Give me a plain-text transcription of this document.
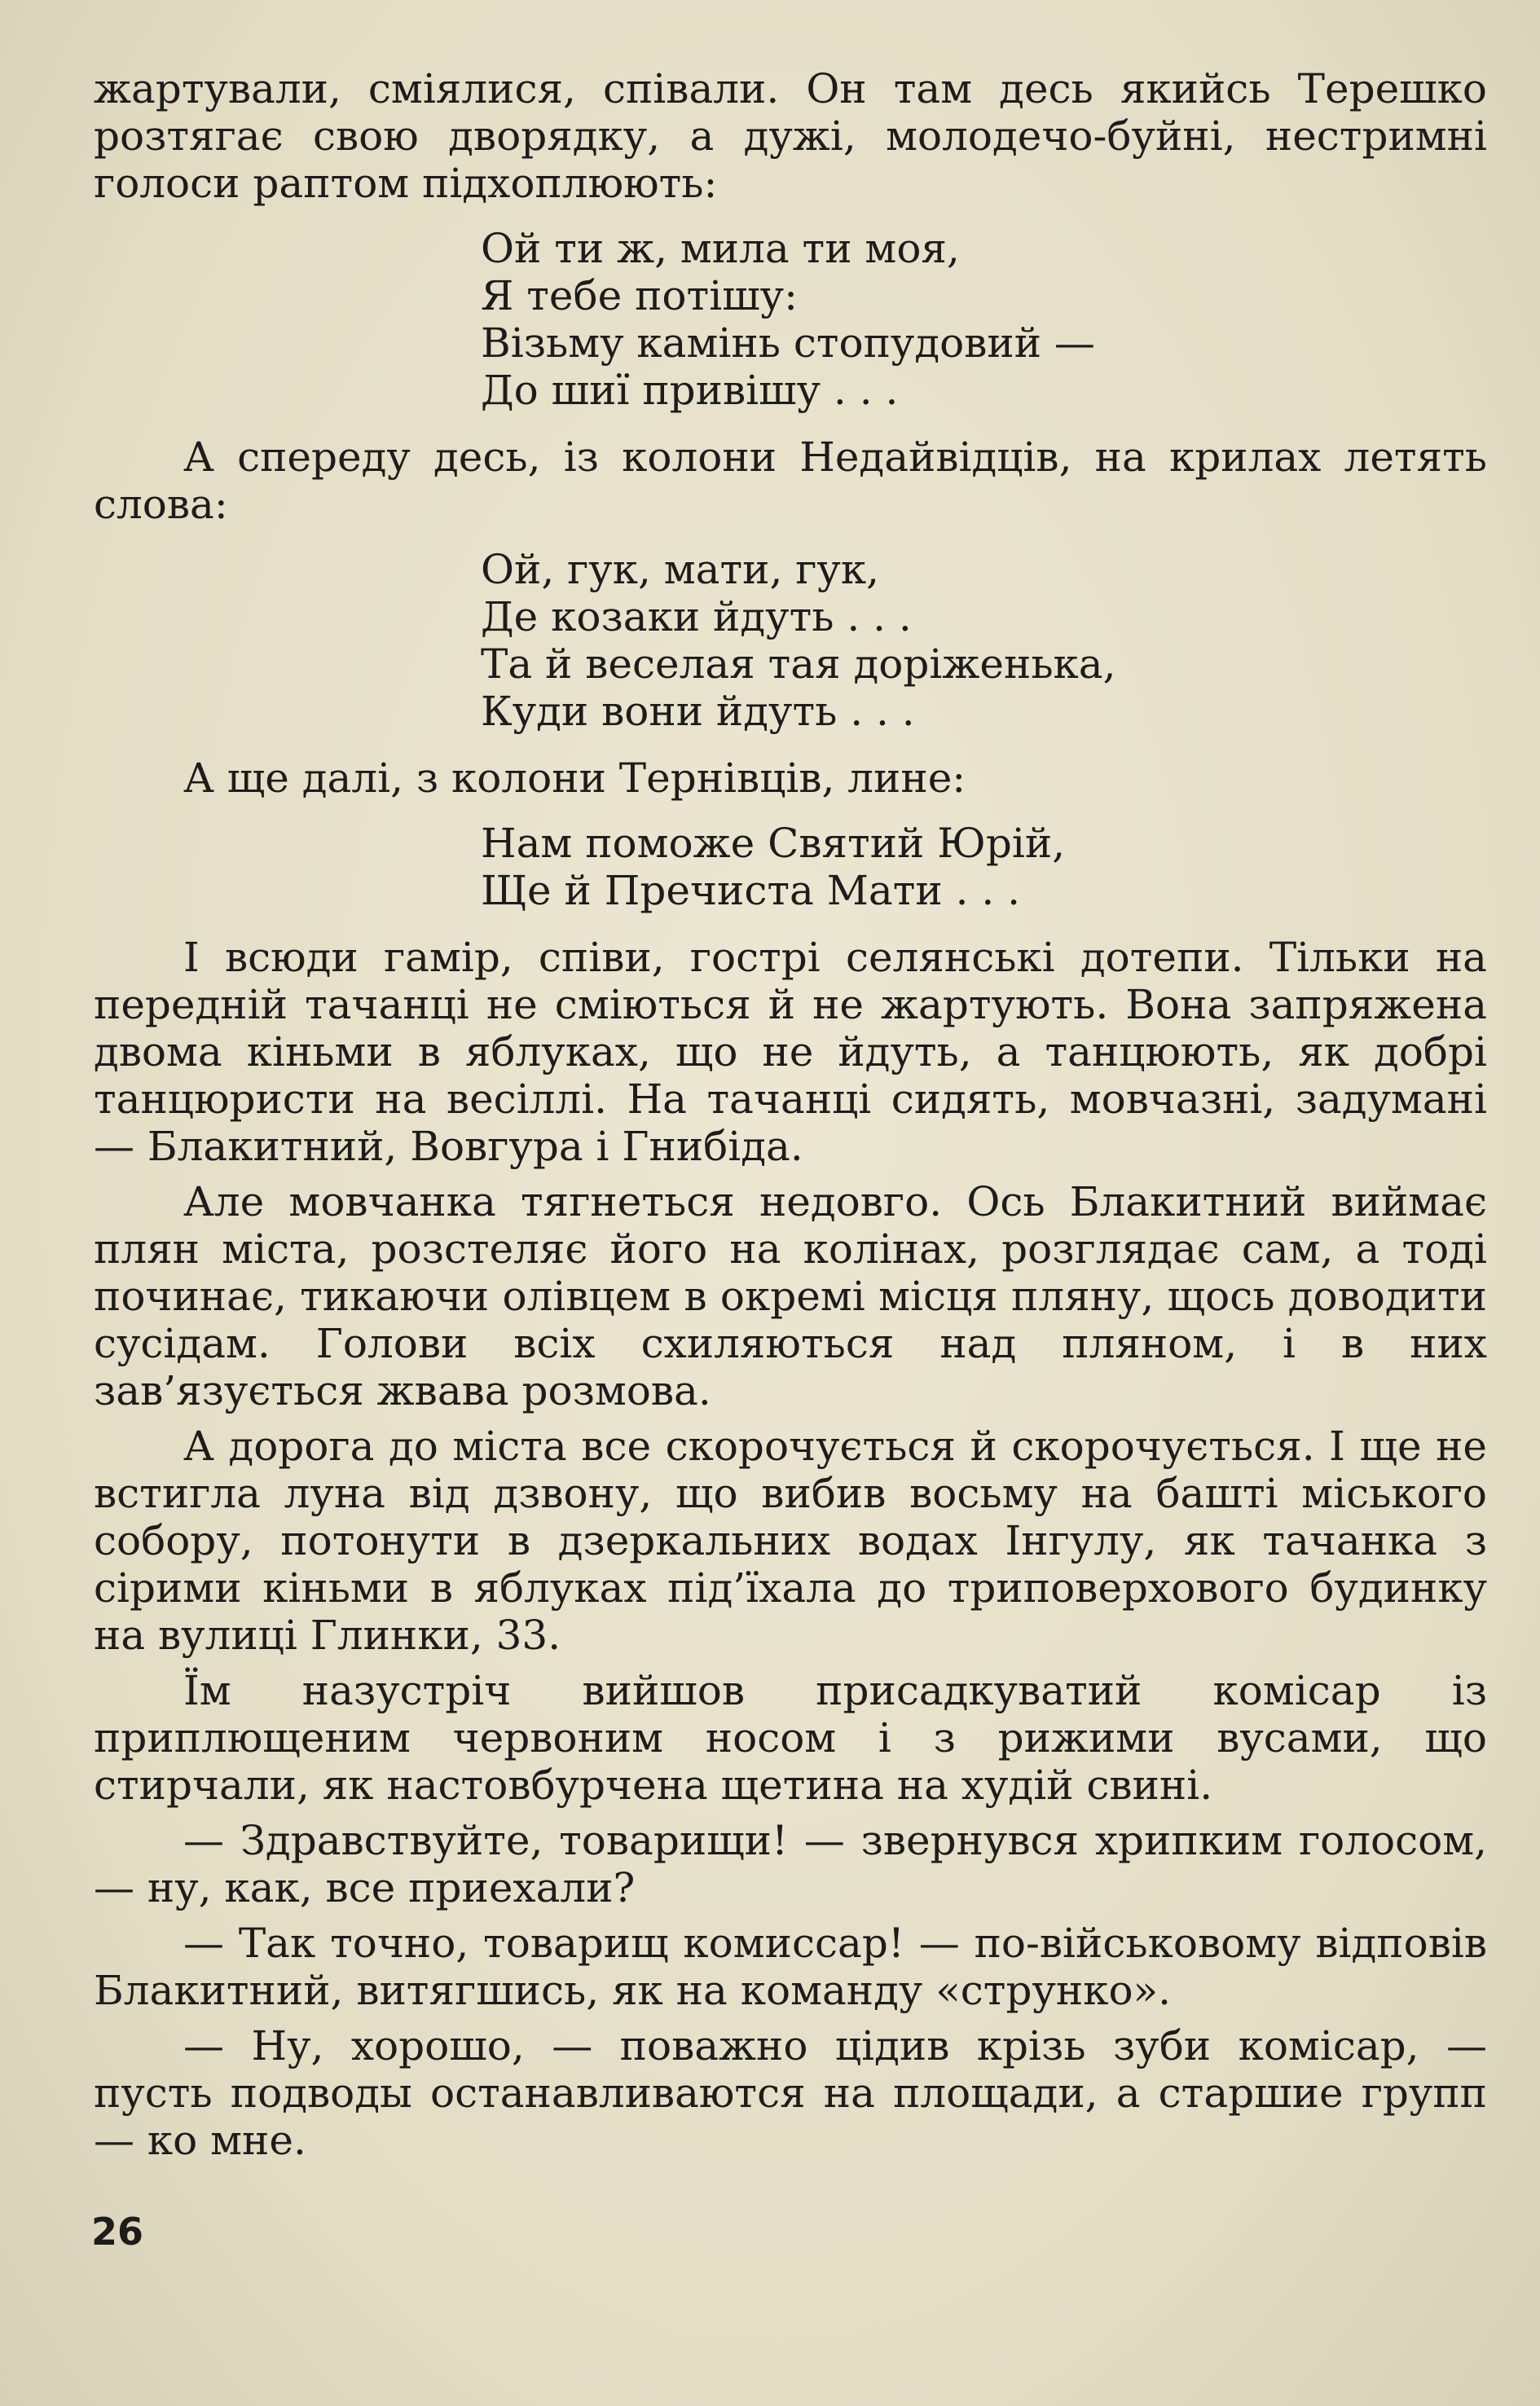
жартували, сміялися, співали. Он там десь якийсь Терешко розтягає свою дворядку, а дужі, молодечо-буйні, нестримні голоси раптом підхоплюють:

Ой ти ж, мила ти моя,
Я тебе потішу:
Візьму камінь стопудовий —
До шиї привішу . . .

А спереду десь, із колони Недайвідців, на крилах летять слова:

Ой, гук, мати, гук,
Де козаки йдуть . . .
Та й веселая тая доріженька,
Куди вони йдуть . . .

А ще далі, з колони Тернівців, лине:

Нам поможе Святий Юрій,
Ще й Пречиста Мати . . .

І всюди гамір, співи, гострі селянські дотепи. Тільки на передній тачанці не сміються й не жартують. Вона запряжена двома кіньми в яблуках, що не йдуть, а танцюють, як добрі танцюристи на весіллі. На тачанці сидять, мовчазні, задумані — Блакитний, Вовгура і Гнибіда.

Але мовчанка тягнеться недовго. Ось Блакитний виймає плян міста, розстеляє його на колінах, розглядає сам, а тоді починає, тикаючи олівцем в окремі місця пляну, щось доводити сусідам. Голови всіх схиляються над пляном, і в них зав’язується жвава розмова.

А дорога до міста все скорочується й скорочується. І ще не встигла луна від дзвону, що вибив восьму на башті міського собору, потонути в дзеркальних водах Інгулу, як тачанка з сірими кіньми в яблуках під’їхала до триповерхового будинку на вулиці Глинки, 33.

Їм назустріч вийшов присадкуватий комісар із приплющеним червоним носом і з рижими вусами, що стирчали, як настовбурчена щетина на худій свині.

— Здравствуйте, товарищи! — звернувся хрипким голосом, — ну, как, все приехали?

— Так точно, товарищ комиссар! — по-військовому відповів Блакитний, витягшись, як на команду «струнко».

— Ну, хорошо, — поважно цідив крізь зуби комісар, — пусть подводы останавливаются на площади, а старшие групп — ко мне.

26
